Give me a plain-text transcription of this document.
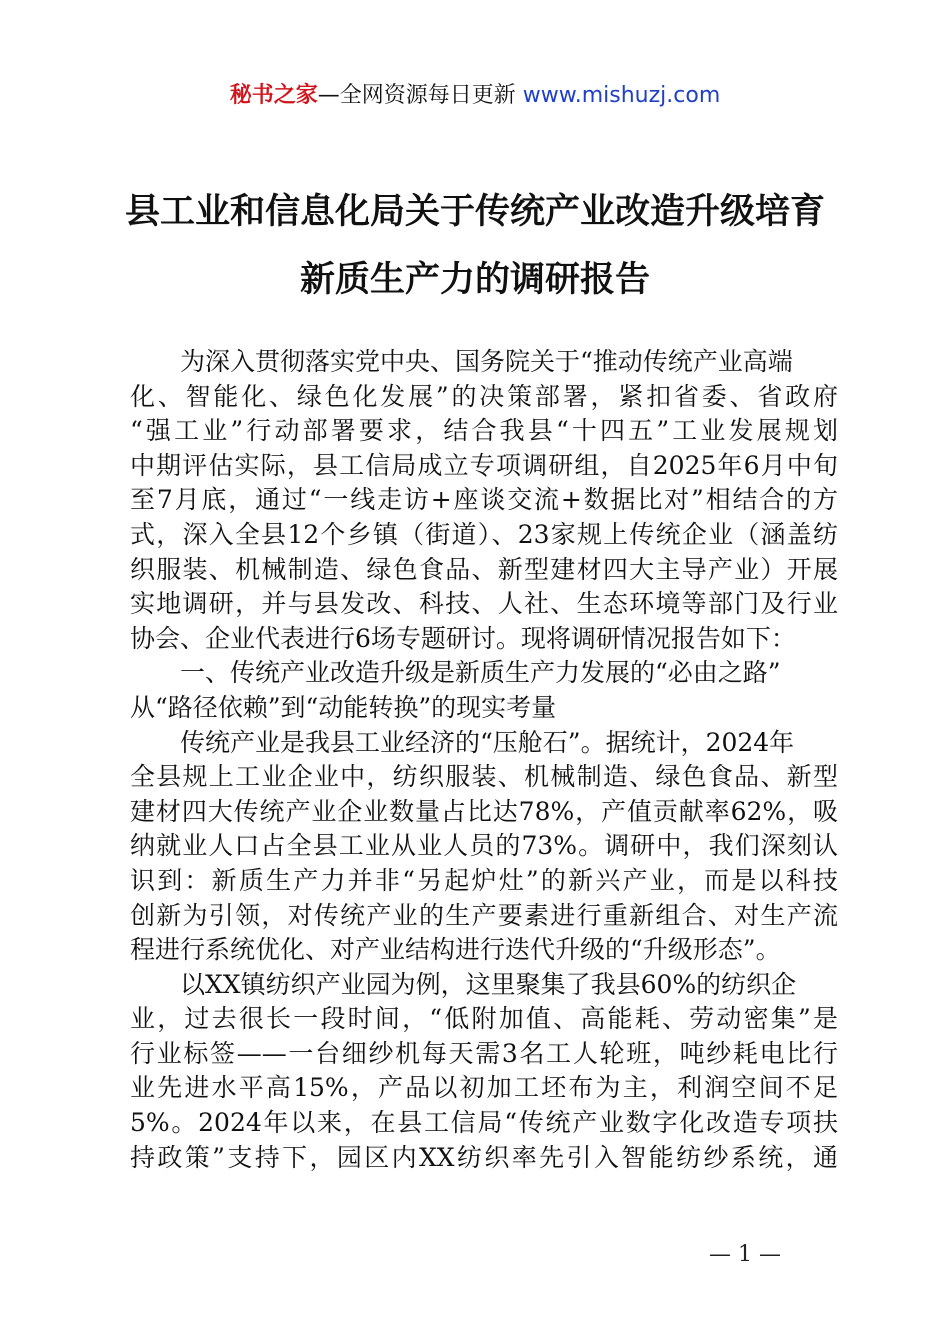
秘书之家—全网资源每日更新 www.mishuzj.com
县工业和信息化局关于传统产业改造升级培育
新质生产力的调研报告
为深入贯彻落实党中央、国务院关于“推动传统产业高端
化、智能化、绿色化发展”的决策部署，紧扣省委、省政府
“强工业”行动部署要求，结合我县“十四五”工业发展规划
中期评估实际，县工信局成立专项调研组，自2025年6月中旬
至7月底，通过“一线走访+座谈交流+数据比对”相结合的方
式，深入全县12个乡镇（街道）、23家规上传统企业（涵盖纺
织服装、机械制造、绿色食品、新型建材四大主导产业）开展
实地调研，并与县发改、科技、人社、生态环境等部门及行业
协会、企业代表进行6场专题研讨。现将调研情况报告如下：
一、传统产业改造升级是新质生产力发展的“必由之路”
从“路径依赖”到“动能转换”的现实考量
传统产业是我县工业经济的“压舱石”。据统计，2024年
全县规上工业企业中，纺织服装、机械制造、绿色食品、新型
建材四大传统产业企业数量占比达78%，产值贡献率62%，吸
纳就业人口占全县工业从业人员的73%。调研中，我们深刻认
识到：新质生产力并非“另起炉灶”的新兴产业，而是以科技
创新为引领，对传统产业的生产要素进行重新组合、对生产流
程进行系统优化、对产业结构进行迭代升级的“升级形态”。
以XX镇纺织产业园为例，这里聚集了我县60%的纺织企
业，过去很长一段时间，“低附加值、高能耗、劳动密集”是
行业标签——一台细纱机每天需3名工人轮班，吨纱耗电比行
业先进水平高15%，产品以初加工坯布为主，利润空间不足
5%。2024年以来，在县工信局“传统产业数字化改造专项扶
持政策”支持下，园区内XX纺织率先引入智能纺纱系统，通
— 1 —
